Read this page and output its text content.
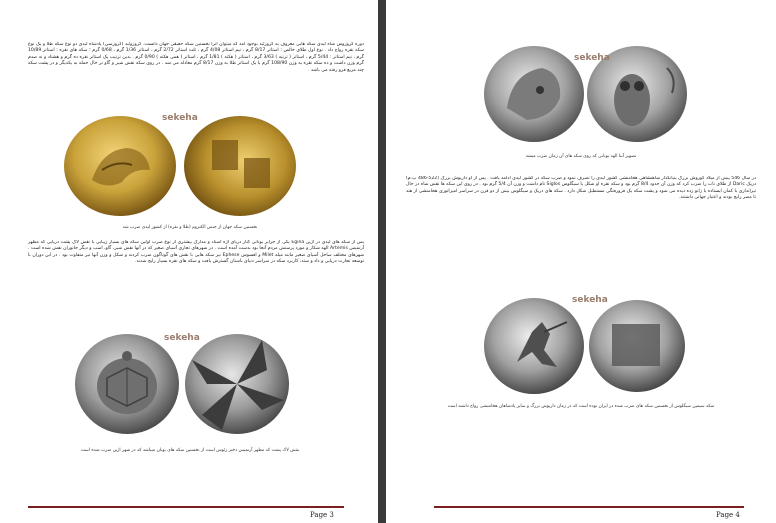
دوره کروزوس شاه لیدی سکه هایی معروف به کروزئید بوجود آمد که میتوان آنرا نخستین سکه حقیقی جهان دانست. کروزوئید (کروزسی) پادشاه لیدی دو نوع سکه طلا و یک نوع سکه نقره رواج داد . نوع اول طلای خالص : استاتر 8/17 گرم ، نیم استاتر 4/08 گرم ، ثلث استاتر 2/72 گرم ، استاتر 1/36 گرم ، 0/68 گرم ؛ سکه های نقره : استاتر 10/89 گرم ، نیم استاتر : 5/44 گرم ، استاتر ( ترتیه ) 3/63 گرم ، استاتر ( هکته ) 1/81 گرم ، استاتر ( همی هکته ) 0/90 گرم . بدین ترتیب یک استاتر نقره ده گرم و هشتاد و نه صدم گرم وزن داشت و ده سکه نقره به وزن 108/90 گرم با یک استاتر طلا به وزن 8/17 گرم معادله می شد . در روی سکه نقش شیر و گاو نر حال حمله به یکدیگر و در پشت سکه چند مربع فرو رفته می باشد .

sekeha

نخستین سکه جهان از جنس الکتروم (طلا و نقره) از کشور لیدی ضرب شد

پس از سکه های لیدی در آژین Egina یکی از جزایر یونانی کنار دریای اژه اسناد و مدارک بیشتری از نوع ضرب اولین سکه های بسیار زیبایی با نقش لاک پشت دریایی که مظهر آرتمیس Artemis الهه شکار و مورد پرستش مردم آنجا بود بدست آمده است . در شهرهای تجاری آسیای صغیر که در آنها نقش شیر، گاو، اسب و دیگر جانوران نقش شده است . شهرهای مختلف ساحل آسیای صغیر مانند میله Milet و افسوس Ephese نیز سکه هایی با نقش های گوناگون ضرب کردند و شکل و وزن آنها نیز متفاوت بود . در این دوران با توسعه تجارت دریایی و داد و ستد، کاربرد سکه در سراسر دنیای باستان گسترش یافت و سکه های نقره بسیار رایج شدند.

sekeha

نقش لاک پشت که مظهر آرتمیس دختر زئوس است از نخستین سکه های یونان میباشد که در شهر اژین ضرب شده است

Page 3
sekeha

تصویر آتنا الهه یونانی که روی سکه های آن زمان ضرب میشد

در سال 546 پیش از میلاد کوروش بزرگ بنیانگذار شاهنشاهی هخامنشی کشور لیدی را تصرف نمود و ضرب سکه در کشور لیدی ادامه یافت . پس از او داریوش بزرگ (522-486 پ.م) دریک Daric از طلای ناب را ضرب کرد که وزن آن حدود 8/4 گرم بود و سکه نقره او شکل یا سیگلوس Siglos نام داشت و وزن آن 5/4 گرم بود . در روی این سکه ها نقش شاه در حال تیراندازی با کمان ایستاده یا زانو زده دیده می شود و پشت سکه یک فرورفتگی مستطیل شکل دارد . سکه های دریک و سیگلوس بیش از دو قرن در سراسر امپراتوری هخامنشی از هند تا مصر رایج بودند و اعتبار جهانی داشتند.

sekeha

سکه سیمین سیگلوس از نخستین سکه های ضرب شده در ایران بوده است که در زمان داریوش بزرگ و سایر پادشاهان هخامنشی رواج داشته است

Page 4
